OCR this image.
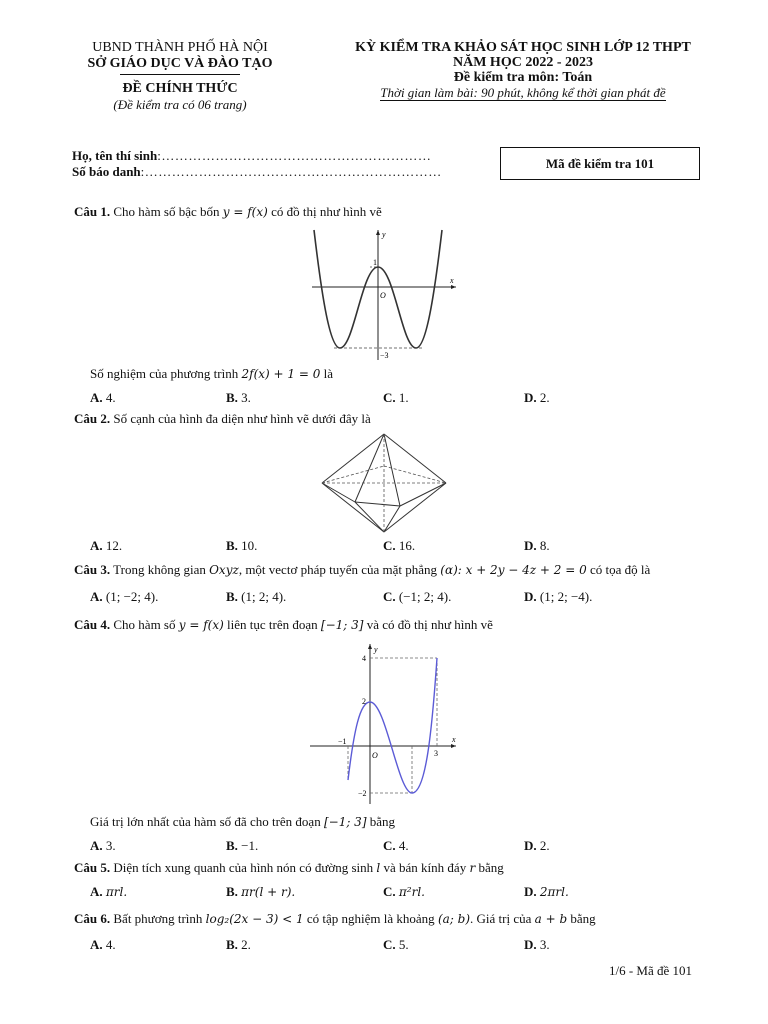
UBND THÀNH PHỐ HÀ NỘI
SỞ GIÁO DỤC VÀ ĐÀO TẠO
ĐỀ CHÍNH THỨC
(Đề kiểm tra có 06 trang)
KỲ KIỂM TRA KHẢO SÁT HỌC SINH LỚP 12 THPT
NĂM HỌC 2022 - 2023
Đề kiểm tra môn: Toán
Thời gian làm bài: 90 phút, không kể thời gian phát đề
Họ, tên thí sinh:……………………………………………………
Số báo danh:…………………………………………………………
Mã đề kiểm tra 101
Câu 1. Cho hàm số bậc bốn y = f(x) có đồ thị như hình vẽ
x
y
O
1
−3
Số nghiệm của phương trình 2f(x) + 1 = 0 là
A. 4.	B. 3.	C. 1.	D. 2.
Câu 2. Số cạnh của hình đa diện như hình vẽ dưới đây là
A. 12.	B. 10.	C. 16.	D. 8.
Câu 3. Trong không gian Oxyz, một vectơ pháp tuyến của mặt phẳng (α): x + 2y − 4z + 2 = 0 có tọa độ là
A. (1; −2; 4).	B. (1; 2; 4).	C. (−1; 2; 4).	D. (1; 2; −4).
Câu 4. Cho hàm số y = f(x) liên tục trên đoạn [−1; 3] và có đồ thị như hình vẽ
x
y
O
−1
3
4
2
−2
Giá trị lớn nhất của hàm số đã cho trên đoạn [−1; 3] bằng
A. 3.	B. −1.	C. 4.	D. 2.
Câu 5. Diện tích xung quanh của hình nón có đường sinh l và bán kính đáy r bằng
A. πrl.	B. πr(l + r).	C. π²rl.	D. 2πrl.
Câu 6. Bất phương trình log₂(2x − 3) < 1 có tập nghiệm là khoảng (a; b). Giá trị của a + b bằng
A. 4.	B. 2.	C. 5.	D. 3.
1/6 - Mã đề 101
